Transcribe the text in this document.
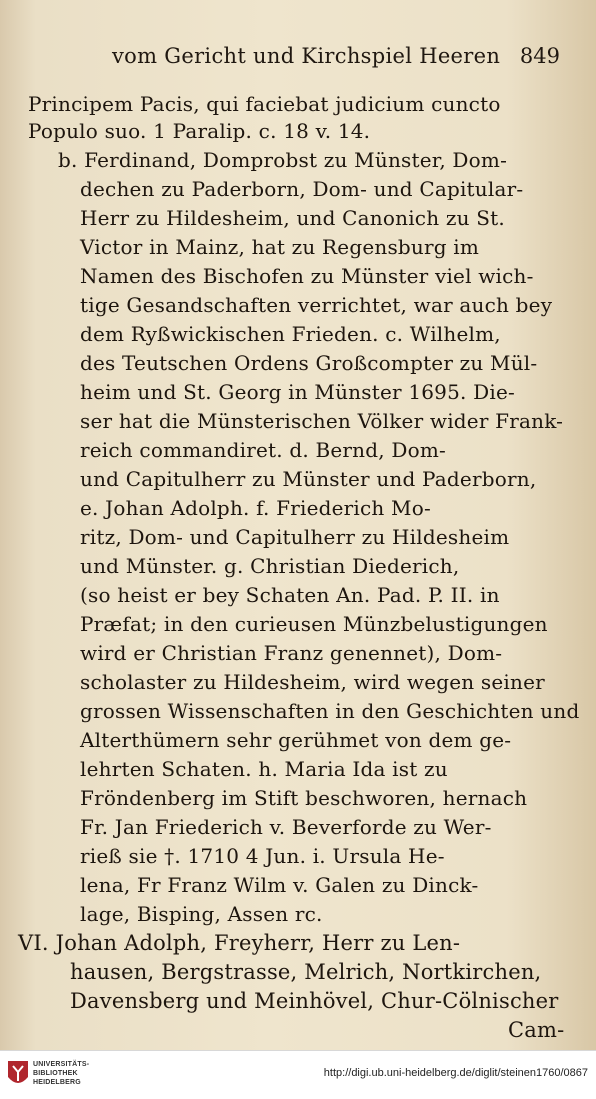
vom Gericht und Kirchspiel Heeren 849
Principem Pacis, qui faciebat judicium cuncto
Populo suo. 1 Paralip. c. 18 v. 14.
b. Ferdinand, Domprobst zu Münster, Dom-
dechen zu Paderborn, Dom- und Capitular-
Herr zu Hildesheim, und Canonich zu St.
Victor in Mainz, hat zu Regensburg im
Namen des Bischofen zu Münster viel wich-
tige Gesandschaften verrichtet, war auch bey
dem Ryßwickischen Frieden. c. Wilhelm,
des Teutschen Ordens Großcompter zu Mül-
heim und St. Georg in Münster 1695. Die-
ser hat die Münsterischen Völker wider Frank-
reich commandiret. d. Bernd, Dom-
und Capitulherr zu Münster und Paderborn,
e. Johan Adolph. f. Friederich Mo-
ritz, Dom- und Capitulherr zu Hildesheim
und Münster. g. Christian Diederich,
(so heist er bey Schaten An. Pad. P. II. in
Præfat; in den curieusen Münzbelustigungen
wird er Christian Franz genennet), Dom-
scholaster zu Hildesheim, wird wegen seiner
grossen Wissenschaften in den Geschichten und
Alterthümern sehr gerühmet von dem ge-
lehrten Schaten. h. Maria Ida ist zu
Fröndenberg im Stift beschworen, hernach
Fr. Jan Friederich v. Beverforde zu Wer-
rieß sie †. 1710 4 Jun. i. Ursula He-
lena, Fr Franz Wilm v. Galen zu Dinck-
lage, Bisping, Assen rc.
VI. Johan Adolph, Freyherr, Herr zu Len-
hausen, Bergstrasse, Melrich, Nortkirchen,
Davensberg und Meinhövel, Chur-Cölnischer
Cam-
UNIVERSITÄTS-
BIBLIOTHEK
HEIDELBERG
http://digi.ub.uni-heidelberg.de/diglit/steinen1760/0867
